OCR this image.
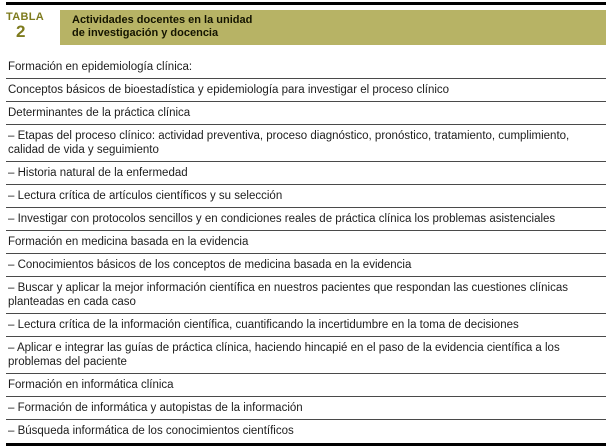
TABLA
2
Actividades docentes en la unidad
de investigación y docencia
Formación en epidemiología clínica:
Conceptos básicos de bioestadística y epidemiología para investigar el proceso clínico
Determinantes de la práctica clínica
– Etapas del proceso clínico: actividad preventiva, proceso diagnóstico, pronóstico, tratamiento, cumplimiento, calidad de vida y seguimiento
– Historia natural de la enfermedad
– Lectura crítica de artículos científicos y su selección
– Investigar con protocolos sencillos y en condiciones reales de práctica clínica los problemas asistenciales
Formación en medicina basada en la evidencia
– Conocimientos básicos de los conceptos de medicina basada en la evidencia
– Buscar y aplicar la mejor información científica en nuestros pacientes que respondan las cuestiones clínicas planteadas en cada caso
– Lectura crítica de la información científica, cuantificando la incertidumbre en la toma de decisiones
– Aplicar e integrar las guías de práctica clínica, haciendo hincapié en el paso de la evidencia científica a los problemas del paciente
Formación en informática clínica
– Formación de informática y autopistas de la información
– Búsqueda informática de los conocimientos científicos
